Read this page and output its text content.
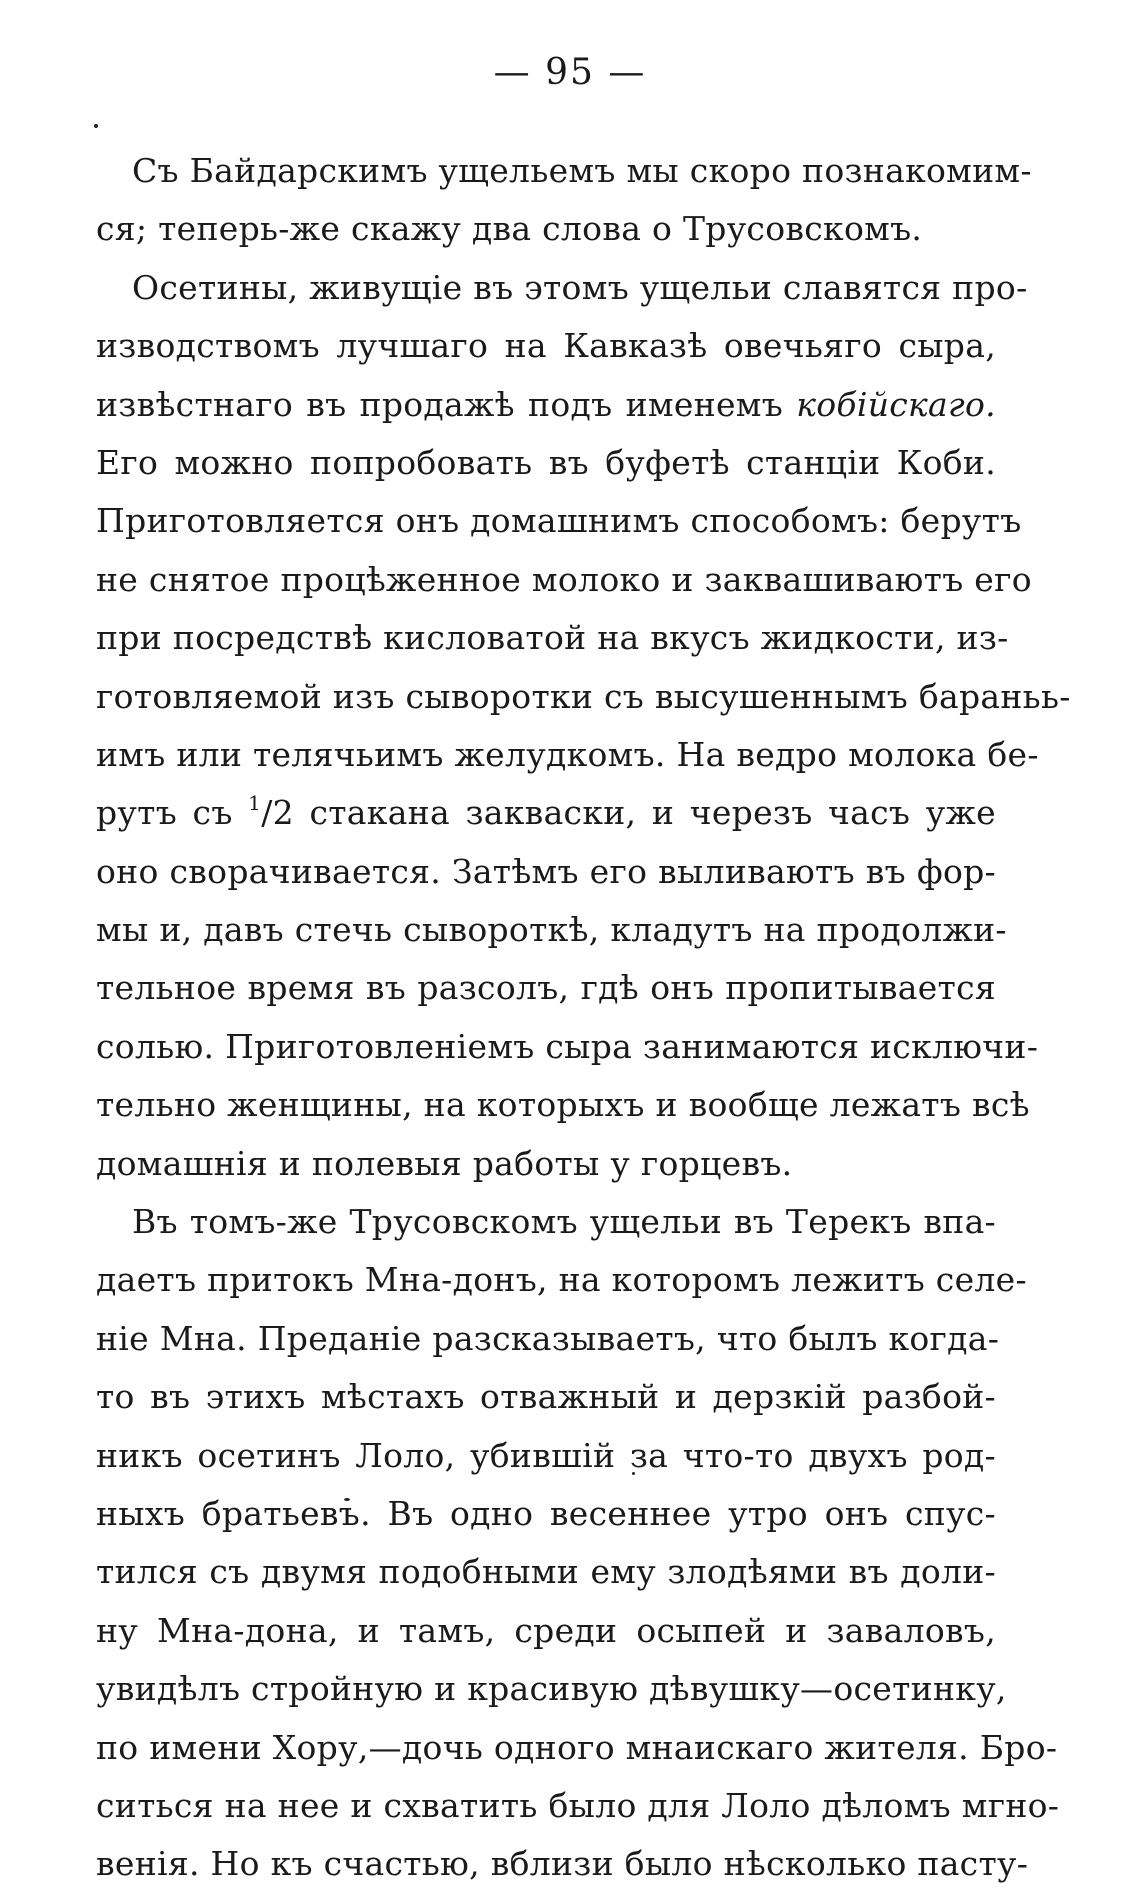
— 95 —
Съ Байдарскимъ ущельемъ мы скоро познакомим-
ся; теперь-же скажу два слова о Трусовскомъ.
Осетины, живущіе въ этомъ ущельи славятся про-
изводствомъ лучшаго на Кавказѣ овечьяго сыра,
извѣстнаго въ продажѣ подъ именемъ кобійскаго.
Его можно попробовать въ буфетѣ станціи Коби.
Приготовляется онъ домашнимъ способомъ: берутъ
не снятое процѣженное молоко и заквашиваютъ его
при посредствѣ кисловатой на вкусъ жидкости, из-
готовляемой изъ сыворотки съ высушеннымъ бараньь-
имъ или телячьимъ желудкомъ. На ведро молока бе-
рутъ съ $^1$/2 стакана закваски, и черезъ часъ уже
оно сворачивается. Затѣмъ его выливаютъ въ фор-
мы и, давъ стечь сывороткѣ, кладутъ на продолжи-
тельное время въ разсолъ, гдѣ онъ пропитывается
солью. Приготовленіемъ сыра занимаются исключи-
тельно женщины, на которыхъ и вообще лежатъ всѣ
домашнія и полевыя работы у горцевъ.
Въ томъ-же Трусовскомъ ущельи въ Терекъ впа-
даетъ притокъ Мна-донъ, на которомъ лежитъ селе-
ніе Мна. Преданіе разсказываетъ, что былъ когда-
то въ этихъ мѣстахъ отважный и дерзкій разбой-
никъ осетинъ Лоло, убившій за что-то двухъ род-
ныхъ братьевъ. Въ одно весеннее утро онъ спус-
тился съ двумя подобными ему злодѣями въ доли-
ну Мна-дона, и тамъ, среди осыпей и заваловъ,
увидѣлъ стройную и красивую дѣвушку—осетинку,
по имени Хору,—дочь одного мнаискаго жителя. Бро-
ситься на нее и схватить было для Лоло дѣломъ мгно-
венія. Но къ счастью, вблизи было нѣсколько пасту-
